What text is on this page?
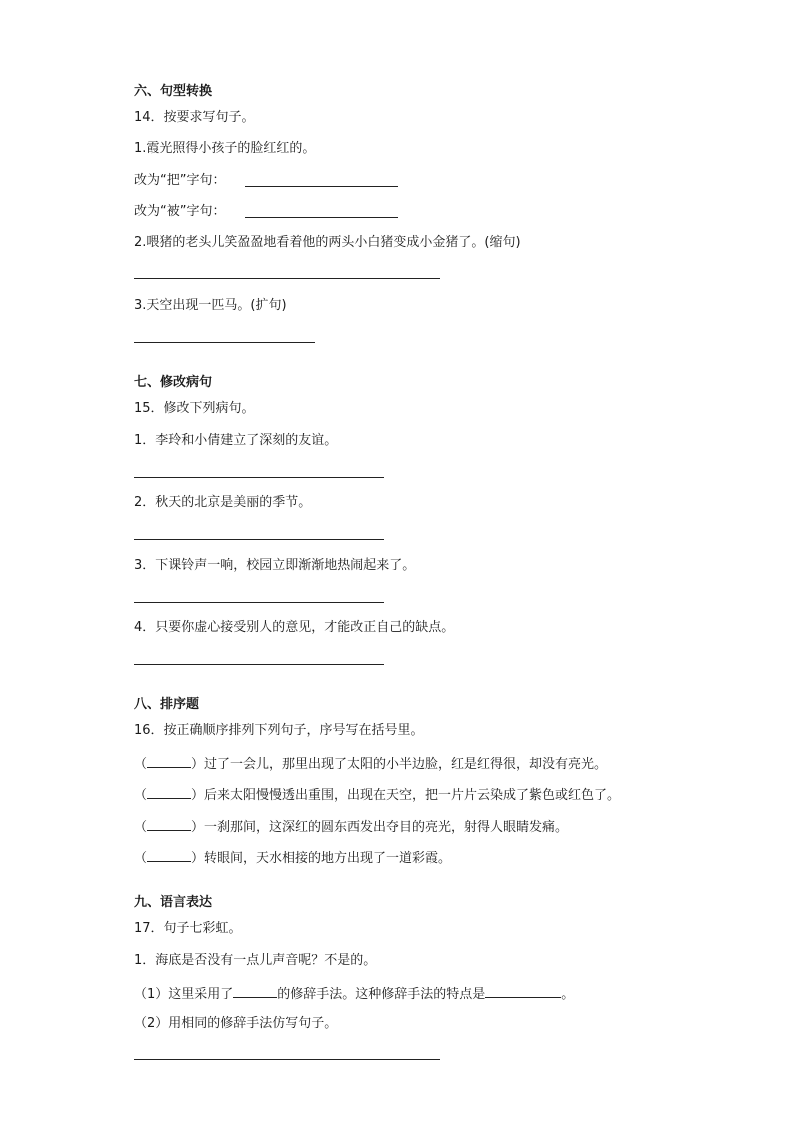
六、句型转换
14．按要求写句子。
1.霞光照得小孩子的脸红红的。
改为“把”字句：
改为“被”字句：
2.喂猪的老头儿笑盈盈地看着他的两头小白猪变成小金猪了。(缩句)
3.天空出现一匹马。(扩句)
七、修改病句
15．修改下列病句。
1．李玲和小倩建立了深刻的友谊。
2．秋天的北京是美丽的季节。
3．下课铃声一响，校园立即渐渐地热闹起来了。
4．只要你虚心接受别人的意见，才能改正自己的缺点。
八、排序题
16．按正确顺序排列下列句子，序号写在括号里。
（	）过了一会儿，那里出现了太阳的小半边脸，红是红得很，却没有亮光。
（	）后来太阳慢慢透出重围，出现在天空，把一片片云染成了紫色或红色了。
（	）一刹那间，这深红的圆东西发出夺目的亮光，射得人眼睛发痛。
（	）转眼间，天水相接的地方出现了一道彩霞。
九、语言表达
17．句子七彩虹。
1．海底是否没有一点儿声音呢？不是的。
（1）这里采用了	的修辞手法。这种修辞手法的特点是	。
（2）用相同的修辞手法仿写句子。
